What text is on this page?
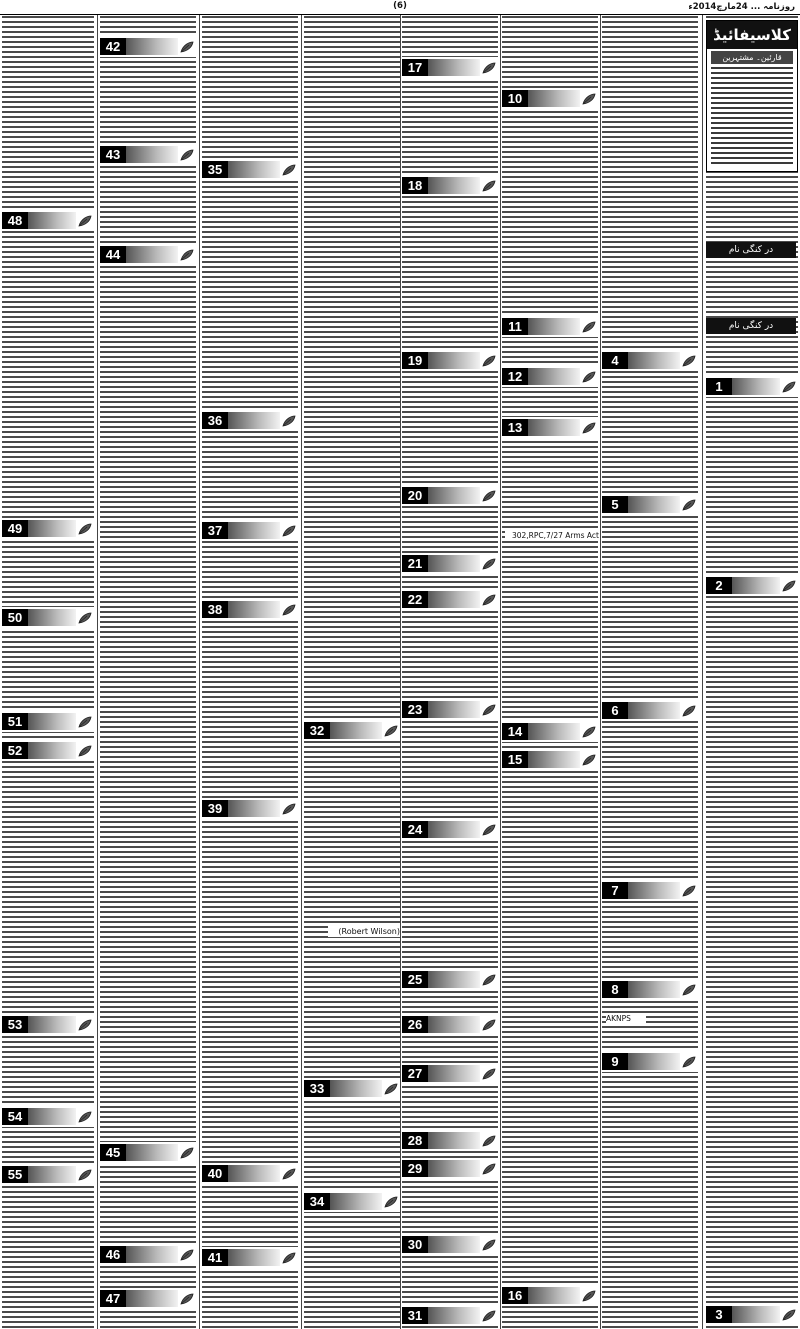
(6)	روزنامہ ... 24مارچ2014ء
کلاسیفائیڈ
قارئین۔ مشتہرین
در کنگی نام
در کنگی نام
(Robert Wilson)
302,RPC,7/27 Arms Act
AKNPS
1
2
3
4
5
6
7
8
9
10
11
12
13
14
15
16
17
18
19
20
21
22
23
24
25
26
27
28
29
30
31
32
33
34
35
36
37
38
39
40
41
42
43
44
45
46
47
48
49
50
51
52
53
54
55
